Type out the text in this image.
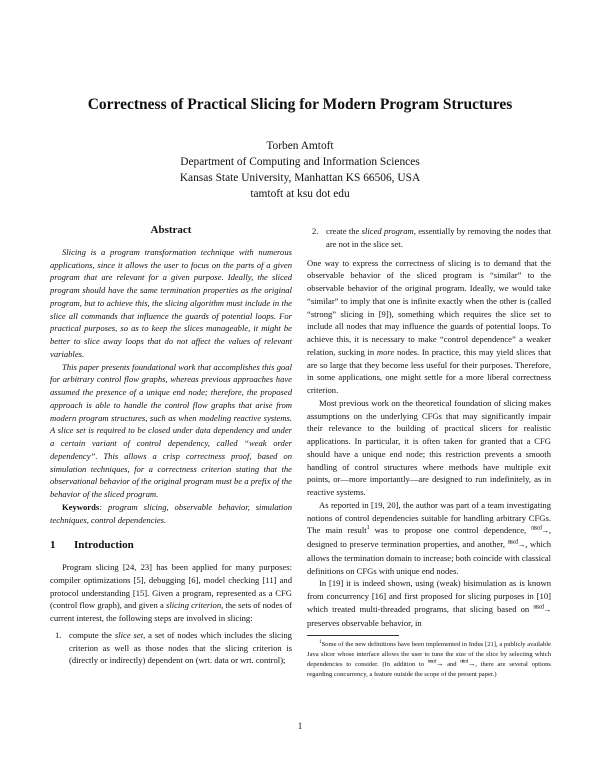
Correctness of Practical Slicing for Modern Program Structures
Torben Amtoft
Department of Computing and Information Sciences
Kansas State University, Manhattan KS 66506, USA
tamtoft at ksu dot edu
Abstract

Slicing is a program transformation technique with numerous applications, since it allows the user to focus on the parts of a given program that are relevant for a given purpose. Ideally, the sliced program should have the same termination properties as the original program, but to achieve this, the slicing algorithm must include in the slice all commands that influence the guards of potential loops. For practical purposes, so as to keep the slices manageable, it might be better to slice away loops that do not affect the values of relevant variables.

This paper presents foundational work that accomplishes this goal for arbitrary control flow graphs, whereas previous approaches have assumed the presence of a unique end node; therefore, the proposed approach is able to handle the control flow graphs that arise from modern program structures, such as when modeling reactive systems. A slice set is required to be closed under data dependency and under a certain variant of control dependency, called “weak order dependency”. This allows a crisp correctness proof, based on simulation techniques, for a correctness criterion stating that the observational behavior of the original program must be a prefix of the behavior of the sliced program.

Keywords: program slicing, observable behavior, simulation techniques, control dependencies.

1 Introduction

Program slicing [24, 23] has been applied for many purposes: compiler optimizations [5], debugging [6], model checking [11] and protocol understanding [15]. Given a program, represented as a CFG (control flow graph), and given a slicing criterion, the sets of nodes of current interest, the following steps are involved in slicing:

1. compute the slice set, a set of nodes which includes the slicing criterion as well as those nodes that the slicing criterion is (directly or indirectly) dependent on (wrt. data or wrt. control);
2. create the sliced program, essentially by removing the nodes that are not in the slice set.

One way to express the correctness of slicing is to demand that the observable behavior of the sliced program is “similar” to the observable behavior of the original program. Ideally, we would take “similar” to imply that one is infinite exactly when the other is (called “strong” slicing in [9]), something which requires the slice set to include all nodes that may influence the guards of potential loops. To achieve this, it is necessary to make “control dependence” a weaker relation, sucking in more nodes. In practice, this may yield slices that are so large that they become less useful for their purposes. Therefore, in some applications, one might settle for a more liberal correctness criterion.

Most previous work on the theoretical foundation of slicing makes assumptions on the underlying CFGs that may significantly impair their relevance to the building of practical slicers for realistic applications. In particular, it is often taken for granted that a CFG should have a unique end node; this restriction prevents a smooth handling of control structures where methods have multiple exit points, or—more importantly—are designed to run indefinitely, as in reactive systems.

As reported in [19, 20], the author was part of a team investigating notions of control dependencies suitable for handling arbitrary CFGs. The main result$^1$ was to propose one control dependence, $^{ntscd}$→, designed to preserve termination properties, and another, $^{ntscd}$→, which allows the termination domain to increase; both coincide with classical definitions on CFGs with unique end nodes.

In [19] it is indeed shown, using (weak) bisimulation as is known from concurrency [16] and first proposed for slicing purposes in [10] which treated multi-threaded programs, that slicing based on $^{ntscd}$→ preserves observable behavior, in

$^1$Some of the new definitions have been implemented in Indus [21], a publicly available Java slicer whose interface allows the user to tune the size of the slice by selecting which dependencies to consider. (In addition to $^{ntscd}$→ and $^{nticd}$→, there are several options regarding concurrency, a feature outside the scope of the present paper.)

1
